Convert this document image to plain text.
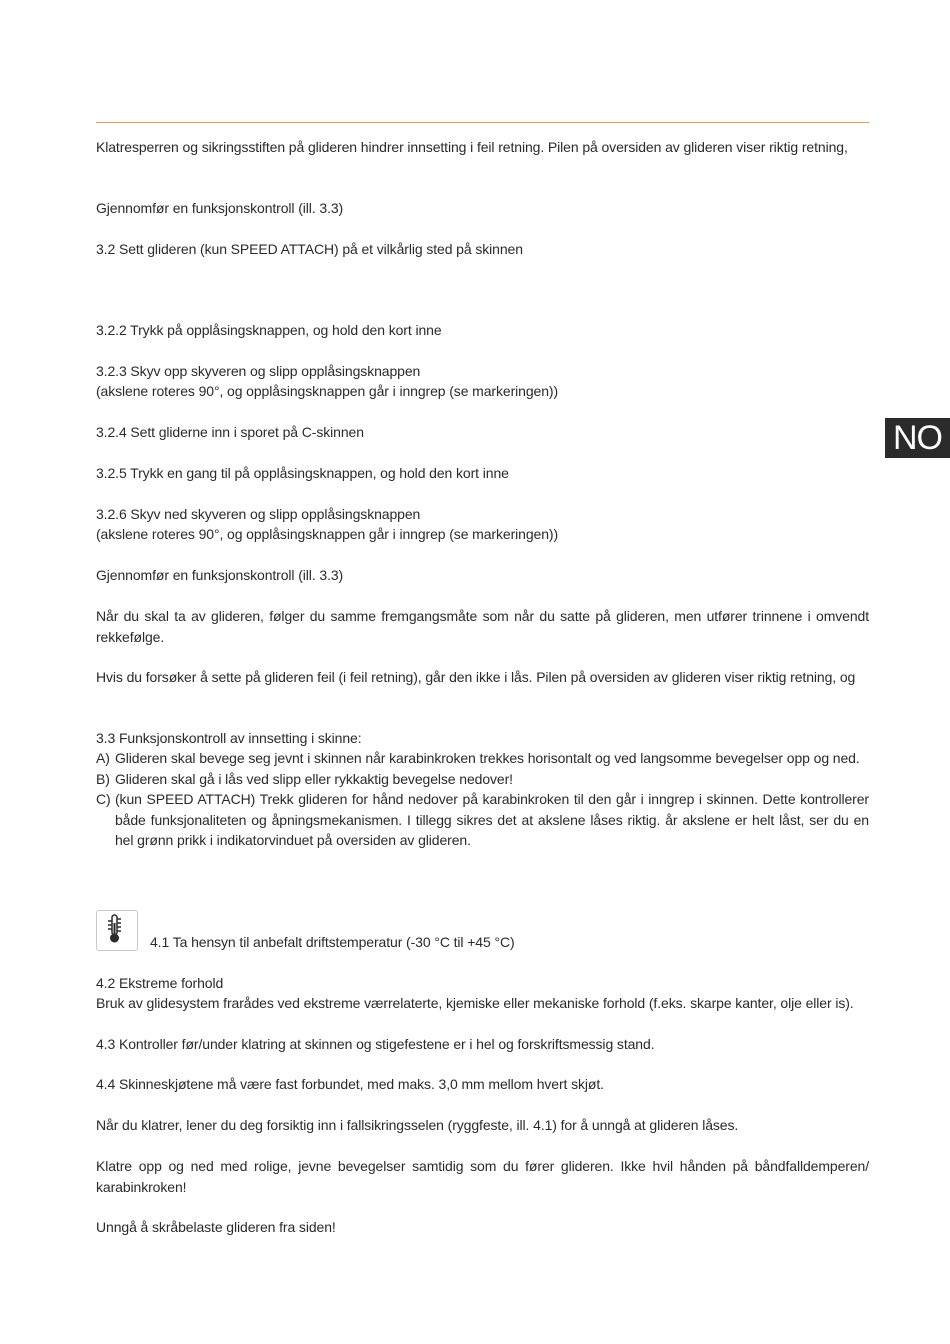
NO

Klatresperren og sikringsstiften på glideren hindrer innsetting i feil retning. Pilen på oversiden av glideren viser riktig retning,

Gjennomfør en funksjonskontroll (ill. 3.3)

3.2 Sett glideren (kun SPEED ATTACH) på et vilkårlig sted på skinnen

3.2.2 Trykk på opplåsingsknappen, og hold den kort inne

3.2.3 Skyv opp skyveren og slipp opplåsingsknappen

(akslene roteres 90°, og opplåsingsknappen går i inngrep (se markeringen))

3.2.4 Sett gliderne inn i sporet på C-skinnen

3.2.5 Trykk en gang til på opplåsingsknappen, og hold den kort inne

3.2.6 Skyv ned skyveren og slipp opplåsingsknappen

(akslene roteres 90°, og opplåsingsknappen går i inngrep (se markeringen))

Gjennomfør en funksjonskontroll (ill. 3.3)

Når du skal ta av glideren, følger du samme fremgangsmåte som når du satte på glideren, men utfører trinnene i omvendt rekkefølge.

Hvis du forsøker å sette på glideren feil (i feil retning), går den ikke i lås. Pilen på oversiden av glideren viser riktig retning, og

3.3 Funksjonskontroll av innsetting i skinne:

A) Glideren skal bevege seg jevnt i skinnen når karabinkroken trekkes horisontalt og ved langsomme bevegelser opp og ned.
B) Glideren skal gå i lås ved slipp eller rykkaktig bevegelse nedover!
C) (kun SPEED ATTACH) Trekk glideren for hånd nedover på karabinkroken til den går i inngrep i skinnen. Dette kontrollerer både funksjonaliteten og åpningsmekanismen. I tillegg sikres det at akslene låses riktig. år akslene er helt låst, ser du en hel grønn prikk i indikatorvinduet på oversiden av glideren.

4.1 Ta hensyn til anbefalt driftstemperatur (-30 °C til +45 °C)

4.2 Ekstreme forhold

Bruk av glidesystem frarådes ved ekstreme værrelaterte, kjemiske eller mekaniske forhold (f.eks. skarpe kanter, olje eller is).

4.3 Kontroller før/under klatring at skinnen og stigefestene er i hel og forskriftsmessig stand.

4.4 Skinneskjøtene må være fast forbundet, med maks. 3,0 mm mellom hvert skjøt.

Når du klatrer, lener du deg forsiktig inn i fallsikringsselen (ryggfeste, ill. 4.1) for å unngå at glideren låses.

Klatre opp og ned med rolige, jevne bevegelser samtidig som du fører glideren. Ikke hvil hånden på båndfalldemperen/ karabinkroken!

Unngå å skråbelaste glideren fra siden!
